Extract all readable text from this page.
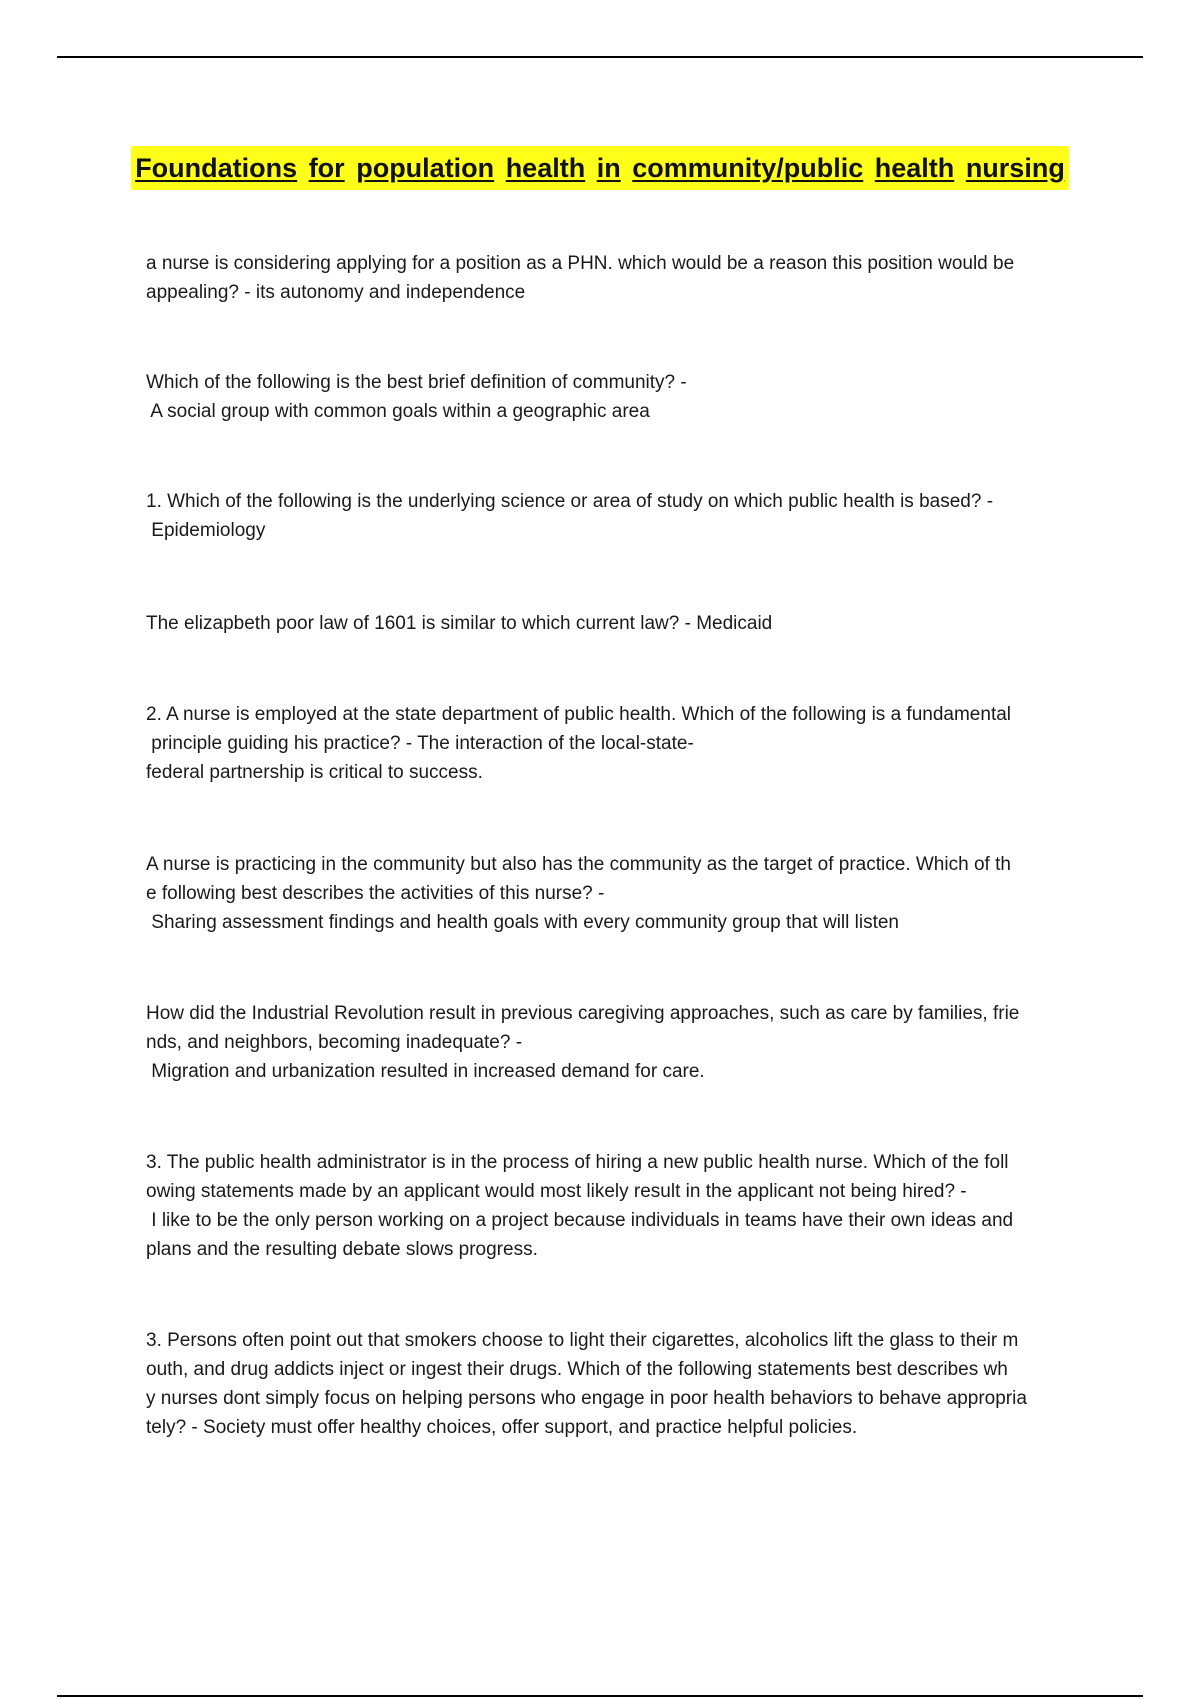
Foundations for population health in community/public health nursing
a nurse is considering applying for a position as a PHN. which would be a reason this position would be
appealing? - its autonomy and independence
Which of the following is the best brief definition of community? -
A social group with common goals within a geographic area
1. Which of the following is the underlying science or area of study on which public health is based? -
Epidemiology
The elizapbeth poor law of 1601 is similar to which current law? - Medicaid
2. A nurse is employed at the state department of public health. Which of the following is a fundamental
principle guiding his practice? - The interaction of the local-state-
federal partnership is critical to success.
A nurse is practicing in the community but also has the community as the target of practice. Which of th
e following best describes the activities of this nurse? -
Sharing assessment findings and health goals with every community group that will listen
How did the Industrial Revolution result in previous caregiving approaches, such as care by families, frie
nds, and neighbors, becoming inadequate? -
Migration and urbanization resulted in increased demand for care.
3. The public health administrator is in the process of hiring a new public health nurse. Which of the foll
owing statements made by an applicant would most likely result in the applicant not being hired? -
I like to be the only person working on a project because individuals in teams have their own ideas and
plans and the resulting debate slows progress.
3. Persons often point out that smokers choose to light their cigarettes, alcoholics lift the glass to their m
outh, and drug addicts inject or ingest their drugs. Which of the following statements best describes wh
y nurses dont simply focus on helping persons who engage in poor health behaviors to behave appropria
tely? - Society must offer healthy choices, offer support, and practice helpful policies.
